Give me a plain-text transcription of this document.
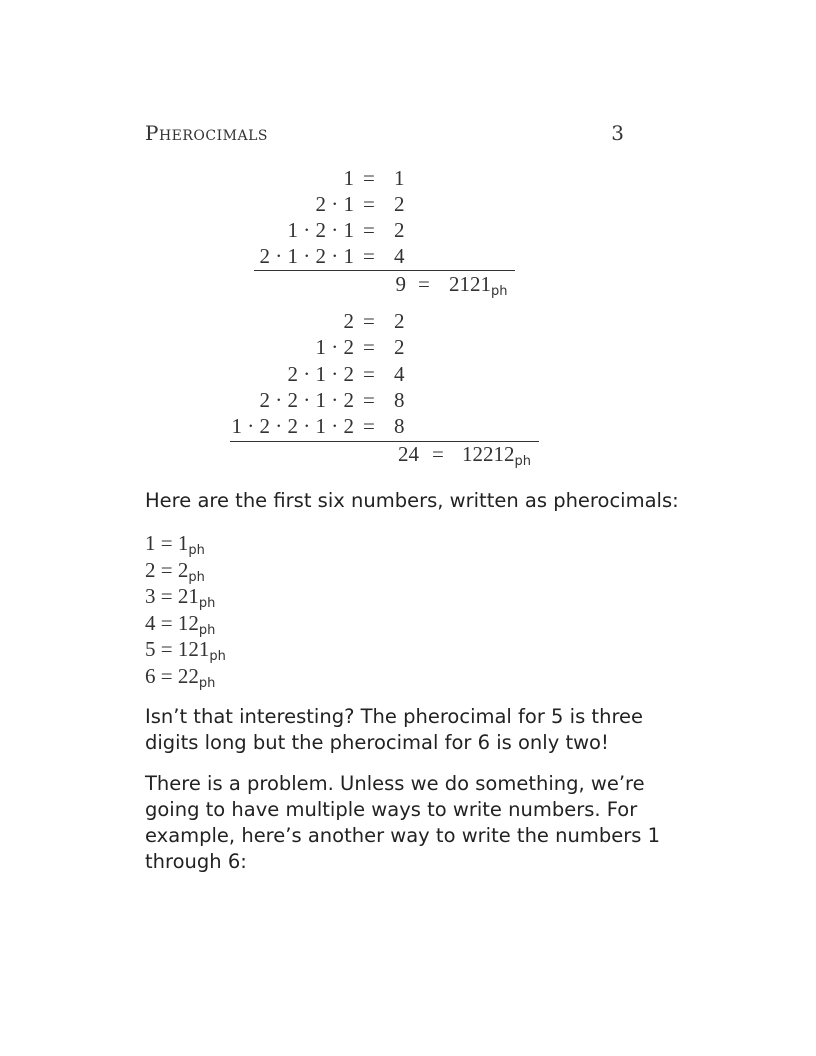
Pherocimals	3
1 = 1
2 · 1 = 2
1 · 2 · 1 = 2
2 · 1 · 2 · 1 = 4
$9 = 2121_{ph}$
2 = 2
1 · 2 = 2
2 · 1 · 2 = 4
2 · 2 · 1 · 2 = 8
1 · 2 · 2 · 1 · 2 = 8
$24 = 12212_{ph}$
Here are the first six numbers, written as pherocimals:
$1 = 1_{ph}$
$2 = 2_{ph}$
$3 = 21_{ph}$
$4 = 12_{ph}$
$5 = 121_{ph}$
$6 = 22_{ph}$
Isn’t that interesting? The pherocimal for 5 is three
digits long but the pherocimal for 6 is only two!
There is a problem. Unless we do something, we’re
going to have multiple ways to write numbers. For
example, here’s another way to write the numbers 1
through 6:
